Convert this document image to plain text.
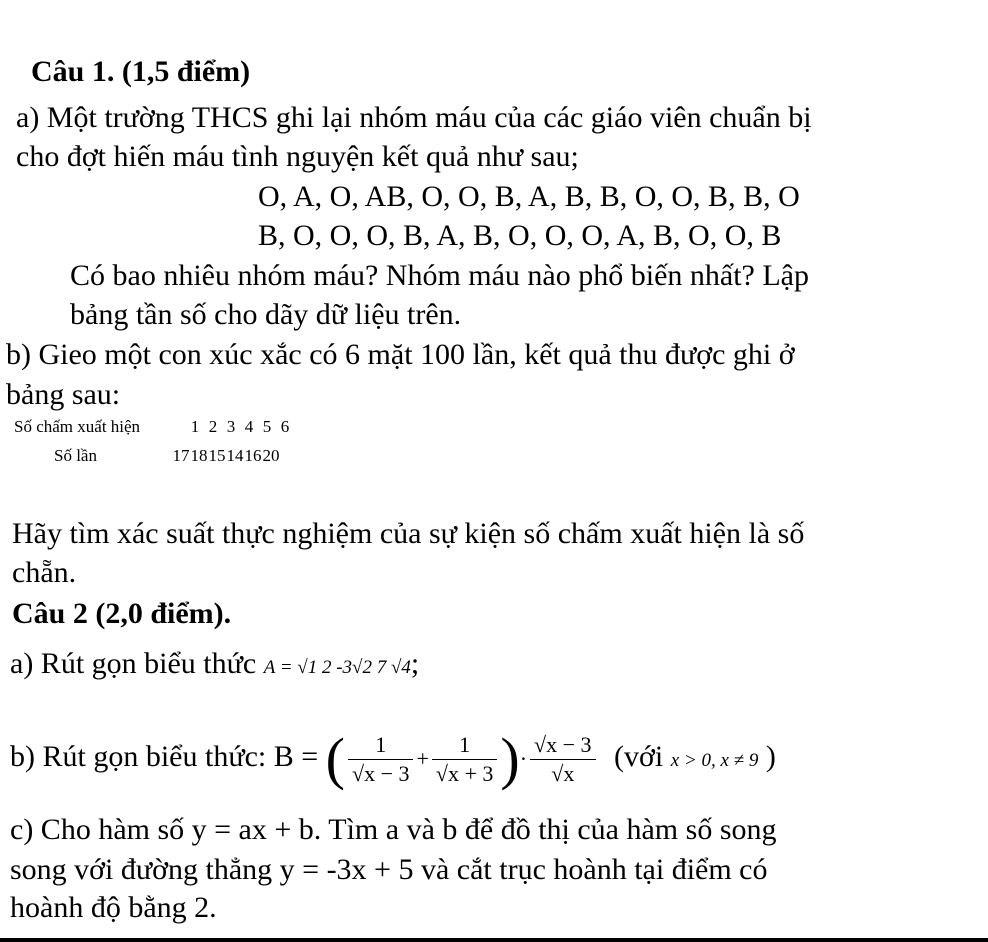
Câu 1. (1,5 điểm)
a) Một trường THCS ghi lại nhóm máu của các giáo viên chuẩn bị
cho đợt hiến máu tình nguyện kết quả như sau;
O, A, O, AB, O, O, B, A, B, B, O, O, B, B, O
B, O, O, O, B, A, B, O, O, O, A, B, O, O, B
Có bao nhiêu nhóm máu? Nhóm máu nào phổ biến nhất? Lập
bảng tần số cho dãy dữ liệu trên.
b) Gieo một con xúc xắc có 6 mặt 100 lần, kết quả thu được ghi ở
bảng sau:
Số chấm xuất hiện	1 2 3 4 5 6
Số lần	171815141620
Hãy tìm xác suất thực nghiệm của sự kiện số chấm xuất hiện là số
chẵn.
Câu 2 (2,0 điểm).
a) Rút gọn biểu thức A = √1 2 -3√2 7 √4;
b) Rút gọn biểu thức: B = ( $\frac{1}{√x - 3} + \frac{1}{√x + 3}$ )· $\frac{√x - 3}{√x}$ (với x > 0, x ≠ 9 )
c) Cho hàm số y = ax + b. Tìm a và b để đồ thị của hàm số song
song với đường thẳng y = -3x + 5 và cắt trục hoành tại điểm có
hoành độ bằng 2.
